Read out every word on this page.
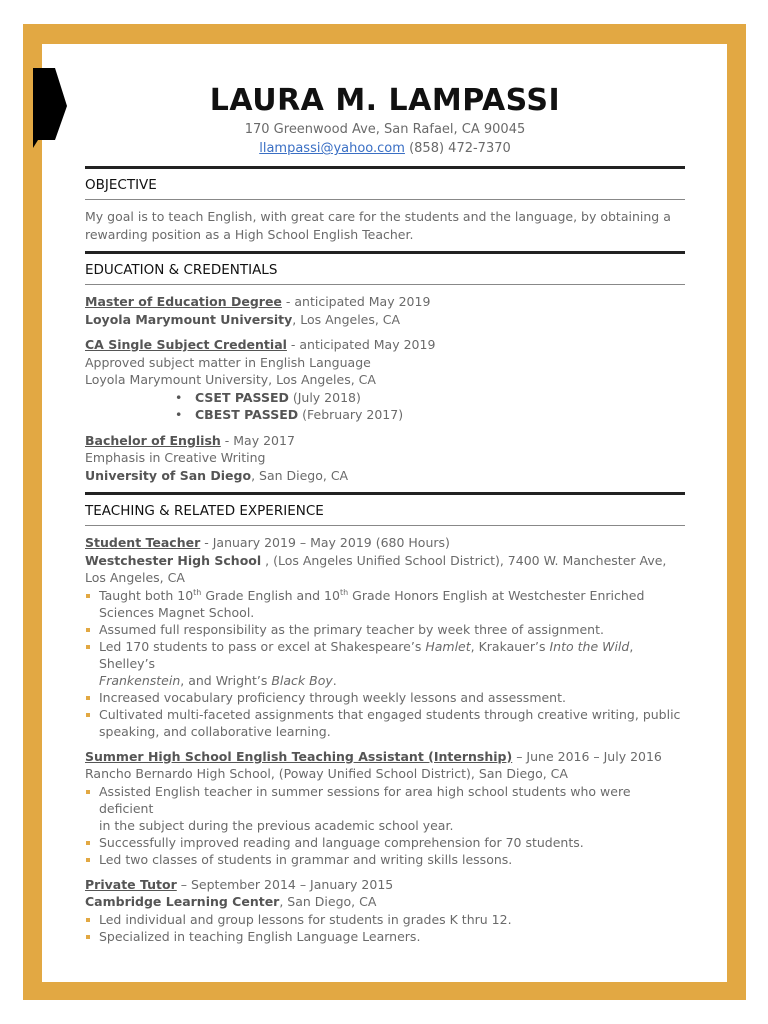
LAURA M. LAMPASSI
170 Greenwood Ave, San Rafael, CA 90045
llampassi@yahoo.com (858) 472-7370
OBJECTIVE
My goal is to teach English, with great care for the students and the language, by obtaining a
rewarding position as a High School English Teacher.
EDUCATION & CREDENTIALS
Master of Education Degree - anticipated May 2019
Loyola Marymount University, Los Angeles, CA
CA Single Subject Credential - anticipated May 2019
Approved subject matter in English Language
Loyola Marymount University, Los Angeles, CA
• CSET PASSED (July 2018)
• CBEST PASSED (February 2017)
Bachelor of English - May 2017
Emphasis in Creative Writing
University of San Diego, San Diego, CA
TEACHING & RELATED EXPERIENCE
Student Teacher - January 2019 – May 2019 (680 Hours)
Westchester High School , (Los Angeles Unified School District), 7400 W. Manchester Ave,
Los Angeles, CA
Taught both 10th Grade English and 10th Grade Honors English at Westchester Enriched
Sciences Magnet School.
Assumed full responsibility as the primary teacher by week three of assignment.
Led 170 students to pass or excel at Shakespeare’s Hamlet, Krakauer’s Into the Wild, Shelley’s
Frankenstein, and Wright’s Black Boy.
Increased vocabulary proficiency through weekly lessons and assessment.
Cultivated multi-faceted assignments that engaged students through creative writing, public
speaking, and collaborative learning.
Summer High School English Teaching Assistant (Internship) – June 2016 – July 2016
Rancho Bernardo High School, (Poway Unified School District), San Diego, CA
Assisted English teacher in summer sessions for area high school students who were deficient
in the subject during the previous academic school year.
Successfully improved reading and language comprehension for 70 students.
Led two classes of students in grammar and writing skills lessons.
Private Tutor – September 2014 – January 2015
Cambridge Learning Center, San Diego, CA
Led individual and group lessons for students in grades K thru 12.
Specialized in teaching English Language Learners.
